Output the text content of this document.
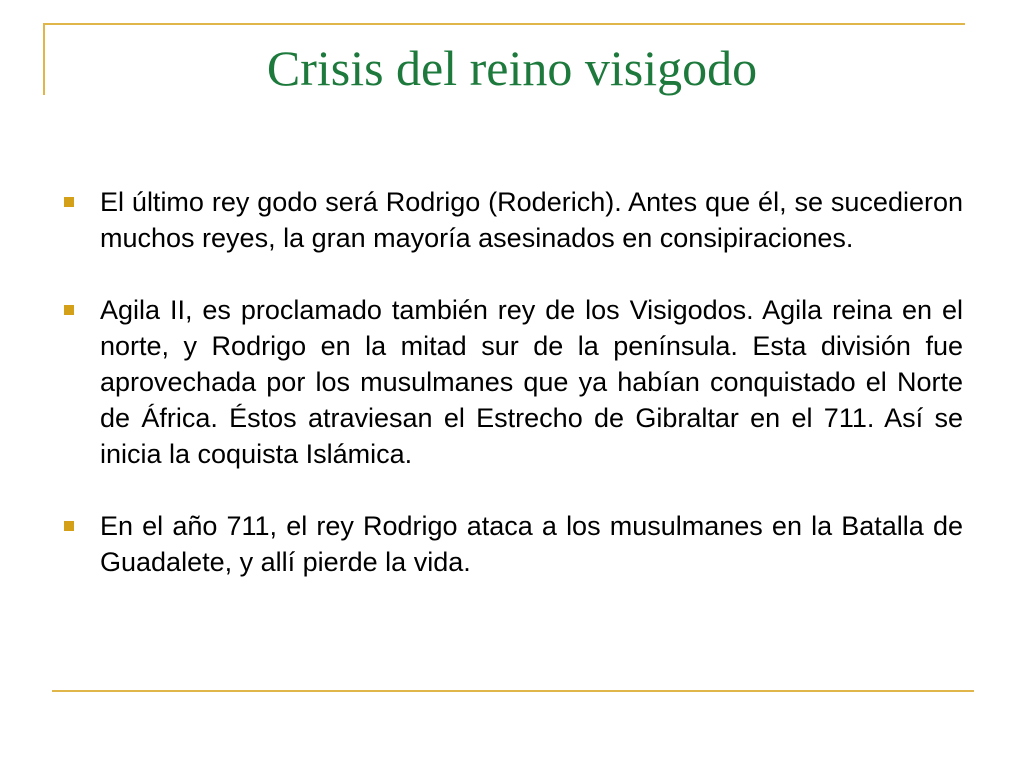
Crisis del reino visigodo
El último rey godo será Rodrigo (Roderich). Antes que él, se sucedieron muchos reyes, la gran mayoría asesinados en consipiraciones.
Agila II, es proclamado también rey de los Visigodos. Agila reina en el norte, y Rodrigo en la mitad sur de la península. Esta división fue aprovechada por los musulmanes que ya habían conquistado el Norte de África. Éstos atraviesan el Estrecho de Gibraltar en el 711. Así se inicia la coquista Islámica.
En el año 711, el rey Rodrigo ataca a los musulmanes en la Batalla de Guadalete, y allí pierde la vida.
